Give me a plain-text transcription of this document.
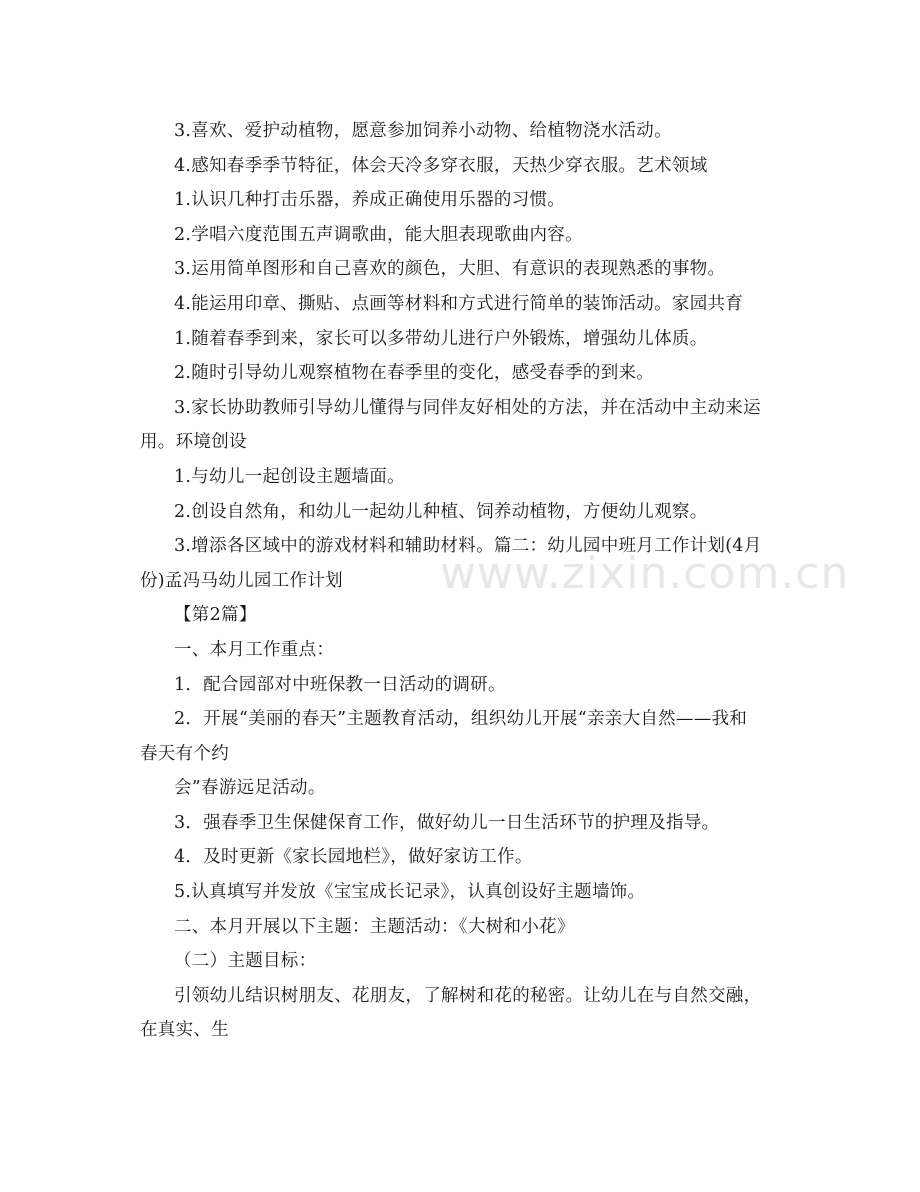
3.喜欢、爱护动植物，愿意参加饲养小动物、给植物浇水活动。
4.感知春季季节特征，体会天冷多穿衣服，天热少穿衣服。艺术领域
1.认识几种打击乐器，养成正确使用乐器的习惯。
2.学唱六度范围五声调歌曲，能大胆表现歌曲内容。
3.运用简单图形和自己喜欢的颜色，大胆、有意识的表现熟悉的事物。
4.能运用印章、撕贴、点画等材料和方式进行简单的装饰活动。家园共育
1.随着春季到来，家长可以多带幼儿进行户外锻炼，增强幼儿体质。
2.随时引导幼儿观察植物在春季里的变化，感受春季的到来。
3.家长协助教师引导幼儿懂得与同伴友好相处的方法，并在活动中主动来运
用。环境创设
1.与幼儿一起创设主题墙面。
2.创设自然角，和幼儿一起幼儿种植、饲养动植物，方便幼儿观察。
3.增添各区域中的游戏材料和辅助材料。篇二：幼儿园中班月工作计划(4月
份)孟冯马幼儿园工作计划
【第2篇】
一、本月工作重点：
1．配合园部对中班保教一日活动的调研。
2．开展“美丽的春天”主题教育活动，组织幼儿开展“亲亲大自然——我和
春天有个约
会”春游远足活动。
3．强春季卫生保健保育工作，做好幼儿一日生活环节的护理及指导。
4．及时更新《家长园地栏》，做好家访工作。
5.认真填写并发放《宝宝成长记录》，认真创设好主题墙饰。
二、本月开展以下主题：主题活动：《大树和小花》
（二）主题目标：
引领幼儿结识树朋友、花朋友，了解树和花的秘密。让幼儿在与自然交融，
在真实、生
www.zixin.com.cn
